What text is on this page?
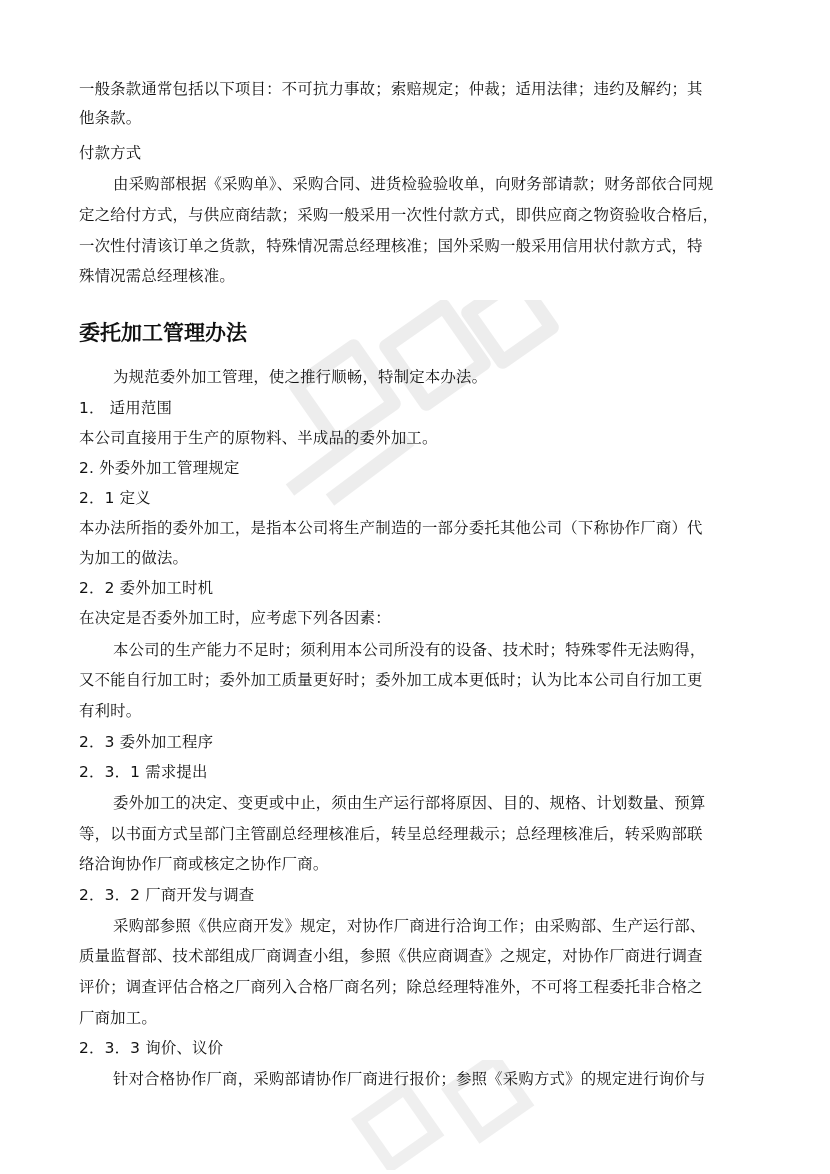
一般条款通常包括以下项目：不可抗力事故；索赔规定；仲裁；适用法律；违约及解约；其
他条款。
付款方式
由采购部根据《采购单》、采购合同、进货检验验收单，向财务部请款；财务部依合同规
定之给付方式，与供应商结款；采购一般采用一次性付款方式，即供应商之物资验收合格后，
一次性付清该订单之货款，特殊情况需总经理核准；国外采购一般采用信用状付款方式，特
殊情况需总经理核准。
委托加工管理办法
为规范委外加工管理，使之推行顺畅，特制定本办法。
1． 适用范围
本公司直接用于生产的原物料、半成品的委外加工。
2. 外委外加工管理规定
2．1 定义
本办法所指的委外加工，是指本公司将生产制造的一部分委托其他公司（下称协作厂商）代
为加工的做法。
2．2 委外加工时机
在决定是否委外加工时，应考虑下列各因素：
本公司的生产能力不足时；须利用本公司所没有的设备、技术时；特殊零件无法购得，
又不能自行加工时；委外加工质量更好时；委外加工成本更低时；认为比本公司自行加工更
有利时。
2．3 委外加工程序
2．3．1 需求提出
委外加工的决定、变更或中止，须由生产运行部将原因、目的、规格、计划数量、预算
等，以书面方式呈部门主管副总经理核准后，转呈总经理裁示；总经理核准后，转采购部联
络洽询协作厂商或核定之协作厂商。
2．3．2 厂商开发与调查
采购部参照《供应商开发》规定，对协作厂商进行洽询工作；由采购部、生产运行部、
质量监督部、技术部组成厂商调查小组，参照《供应商调查》之规定，对协作厂商进行调查
评价；调查评估合格之厂商列入合格厂商名列；除总经理特准外，不可将工程委托非合格之
厂商加工。
2．3．3 询价、议价
针对合格协作厂商，采购部请协作厂商进行报价；参照《采购方式》的规定进行询价与
